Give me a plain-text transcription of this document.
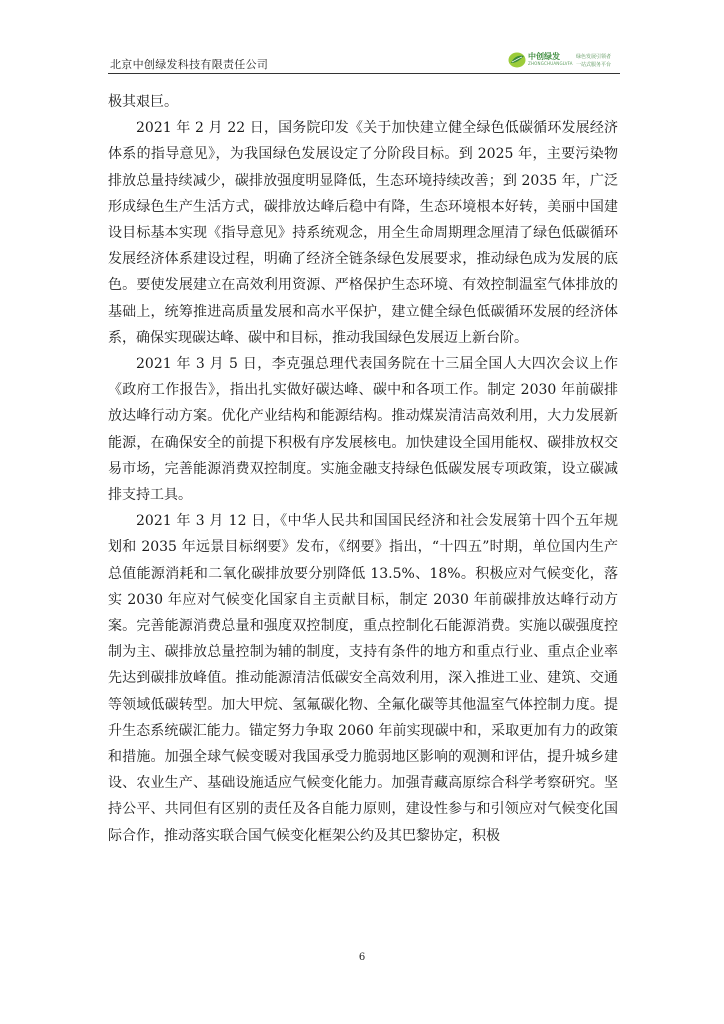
北京中创绿发科技有限责任公司
中创绿发
ZHONGCHUANGLVFA
绿色发展引领者
一站式服务平台

极其艰巨。

2021 年 2 月 22 日，国务院印发《关于加快建立健全绿色低碳循环发展经济体系的指导意见》，为我国绿色发展设定了分阶段目标。到 2025 年，主要污染物排放总量持续减少，碳排放强度明显降低，生态环境持续改善；到 2035 年，广泛形成绿色生产生活方式，碳排放达峰后稳中有降，生态环境根本好转，美丽中国建设目标基本实现《指导意见》持系统观念，用全生命周期理念厘清了绿色低碳循环发展经济体系建设过程，明确了经济全链条绿色发展要求，推动绿色成为发展的底色。要使发展建立在高效利用资源、严格保护生态环境、有效控制温室气体排放的基础上，统筹推进高质量发展和高水平保护，建立健全绿色低碳循环发展的经济体系，确保实现碳达峰、碳中和目标，推动我国绿色发展迈上新台阶。

2021 年 3 月 5 日，李克强总理代表国务院在十三届全国人大四次会议上作《政府工作报告》，指出扎实做好碳达峰、碳中和各项工作。制定 2030 年前碳排放达峰行动方案。优化产业结构和能源结构。推动煤炭清洁高效利用，大力发展新能源，在确保安全的前提下积极有序发展核电。加快建设全国用能权、碳排放权交易市场，完善能源消费双控制度。实施金融支持绿色低碳发展专项政策，设立碳减排支持工具。

2021 年 3 月 12 日，《中华人民共和国国民经济和社会发展第十四个五年规划和 2035 年远景目标纲要》发布，《纲要》指出，“十四五”时期，单位国内生产总值能源消耗和二氧化碳排放要分别降低 13.5%、18%。积极应对气候变化，落实 2030 年应对气候变化国家自主贡献目标，制定 2030 年前碳排放达峰行动方案。完善能源消费总量和强度双控制度，重点控制化石能源消费。实施以碳强度控制为主、碳排放总量控制为辅的制度，支持有条件的地方和重点行业、重点企业率先达到碳排放峰值。推动能源清洁低碳安全高效利用，深入推进工业、建筑、交通等领域低碳转型。加大甲烷、氢氟碳化物、全氟化碳等其他温室气体控制力度。提升生态系统碳汇能力。锚定努力争取 2060 年前实现碳中和，采取更加有力的政策和措施。加强全球气候变暖对我国承受力脆弱地区影响的观测和评估，提升城乡建设、农业生产、基础设施适应气候变化能力。加强青藏高原综合科学考察研究。坚持公平、共同但有区别的责任及各自能力原则，建设性参与和引领应对气候变化国际合作，推动落实联合国气候变化框架公约及其巴黎协定，积极

6
